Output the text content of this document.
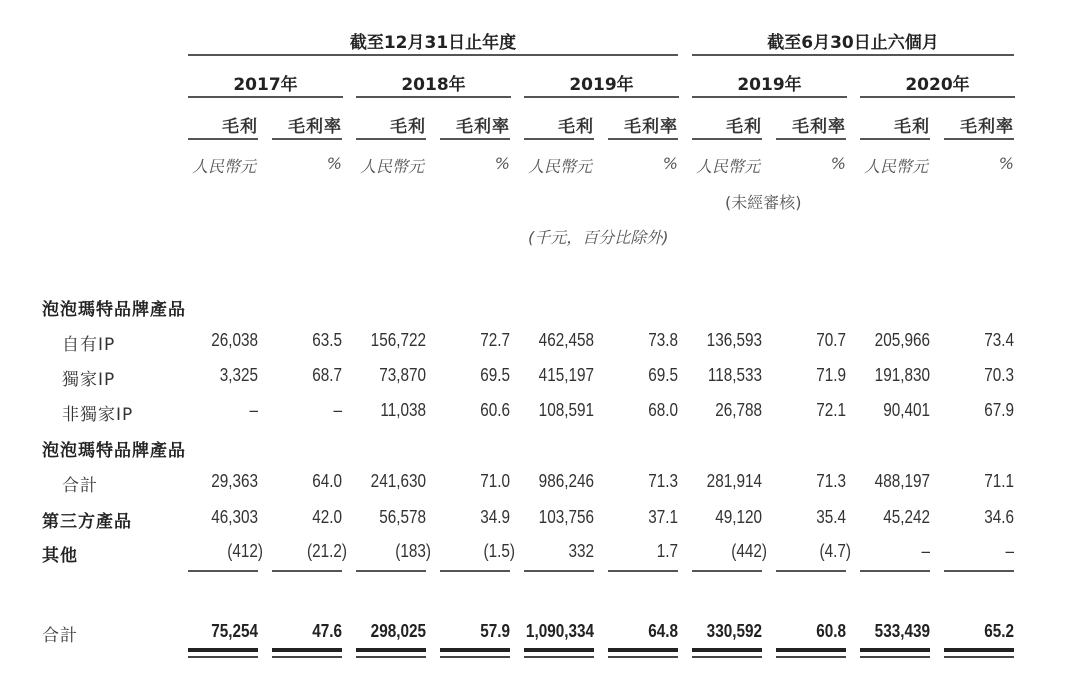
截至12月31日止年度	截至6月30日止六個月
2017年	2018年	2019年	2019年	2020年
毛利	毛利率	毛利	毛利率	毛利	毛利率	毛利	毛利率	毛利	毛利率
人民幣元	% 人民幣元	% 人民幣元	% 人民幣元	% 人民幣元	%
(未經審核)
(千元，百分比除外)
泡泡瑪特品牌產品
自有IP	26,038	63.5	156,722	72.7	462,458	73.8	136,593	70.7	205,966	73.4
獨家IP	3,325	68.7	73,870	69.5	415,197	69.5	118,533	71.9	191,830	70.3
非獨家IP	–	–	11,038	60.6	108,591	68.0	26,788	72.1	90,401	67.9
泡泡瑪特品牌產品
合計	29,363	64.0	241,630	71.0	986,246	71.3	281,914	71.3	488,197	71.1
第三方產品	46,303	42.0	56,578	34.9	103,756	37.1	49,120	35.4	45,242	34.6
其他	(412)	(21.2)	(183)	(1.5)	332	1.7	(442)	(4.7)	–	–
合計	75,254	47.6	298,025	57.9 1,090,334	64.8	330,592	60.8	533,439	65.2
